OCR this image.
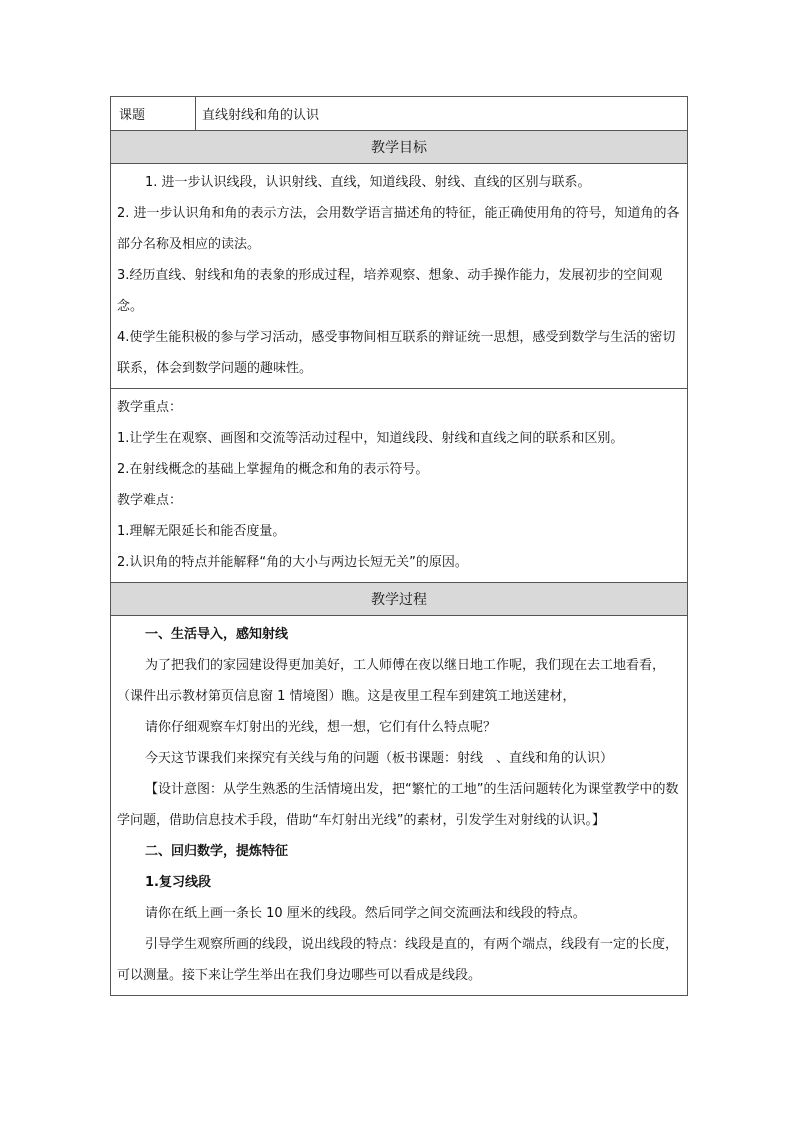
课题	直线射线和角的认识
教学目标

1. 进一步认识线段，认识射线、直线，知道线段、射线、直线的区别与联系。

2. 进一步认识角和角的表示方法，会用数学语言描述角的特征，能正确使用角的符号，知道角的各部分名称及相应的读法。

3.经历直线、射线和角的表象的形成过程，培养观察、想象、动手操作能力，发展初步的空间观念。

4.使学生能积极的参与学习活动，感受事物间相互联系的辩证统一思想，感受到数学与生活的密切联系，体会到数学问题的趣味性。

教学重点：

1.让学生在观察、画图和交流等活动过程中，知道线段、射线和直线之间的联系和区别。

2.在射线概念的基础上掌握角的概念和角的表示符号。

教学难点：

1.理解无限延长和能否度量。

2.认识角的特点并能解释“角的大小与两边长短无关”的原因。

教学过程

一、生活导入，感知射线

为了把我们的家园建设得更加美好，工人师傅在夜以继日地工作呢，我们现在去工地看看，（课件出示教材第页信息窗 1 情境图）瞧。这是夜里工程车到建筑工地送建材，

请你仔细观察车灯射出的光线，想一想，它们有什么特点呢？

今天这节课我们来探究有关线与角的问题（板书课题：射线　、直线和角的认识）

【设计意图：从学生熟悉的生活情境出发，把“繁忙的工地”的生活问题转化为课堂教学中的数学问题，借助信息技术手段，借助“车灯射出光线”的素材，引发学生对射线的认识。】

二、回归数学，提炼特征

1.复习线段

请你在纸上画一条长 10 厘米的线段。然后同学之间交流画法和线段的特点。

引导学生观察所画的线段，说出线段的特点：线段是直的，有两个端点，线段有一定的长度，可以测量。接下来让学生举出在我们身边哪些可以看成是线段。
